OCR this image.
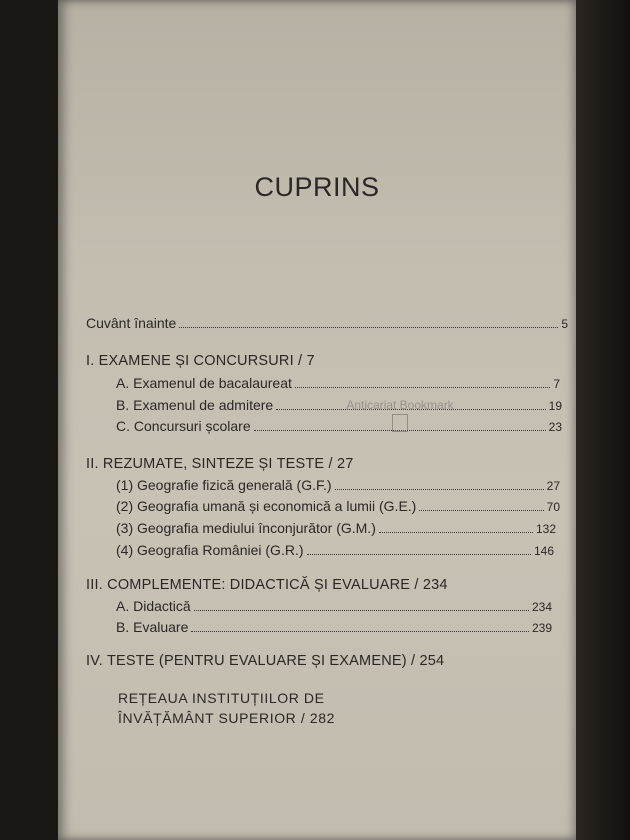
CUPRINS
Cuvânt înainte	5
I. EXAMENE ȘI CONCURSURI / 7
A. Examenul de bacalaureat	7
B. Examenul de admitere	19
C. Concursuri școlare	23
II. REZUMATE, SINTEZE ȘI TESTE / 27
(1) Geografie fizică generală (G.F.)	27
(2) Geografia umană și economică a lumii (G.E.)	70
(3) Geografia mediului înconjurător (G.M.)	132
(4) Geografia României (G.R.)	146
III. COMPLEMENTE: DIDACTICĂ ȘI EVALUARE / 234
A. Didactică	234
B. Evaluare	239
IV. TESTE (PENTRU EVALUARE ȘI EXAMENE) / 254
REȚEAUA INSTITUȚIILOR DE
ÎNVĂȚĂMÂNT SUPERIOR / 282
Anticariat Bookmark
